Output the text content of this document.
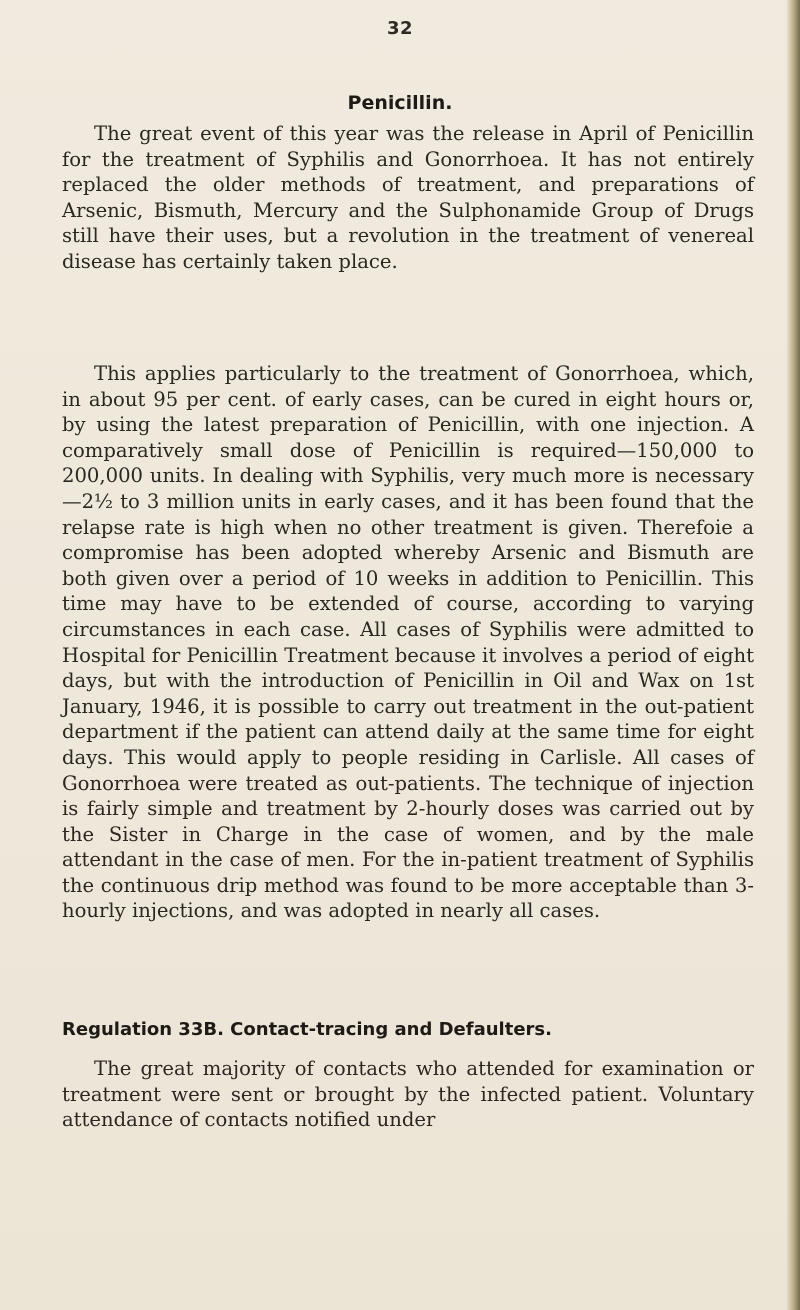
32
Penicillin.

The great event of this year was the release in April of Penicillin for the treatment of Syphilis and Gonorrhoea. It has not entirely replaced the older methods of treatment, and preparations of Arsenic, Bismuth, Mercury and the Sulphonamide Group of Drugs still have their uses, but a revolution in the treatment of venereal disease has certainly taken place.

This applies particularly to the treatment of Gonorrhoea, which, in about 95 per cent. of early cases, can be cured in eight hours or, by using the latest preparation of Penicillin, with one injection. A comparatively small dose of Penicillin is required—150,000 to 200,000 units. In dealing with Syphilis, very much more is necessary—2½ to 3 million units in early cases, and it has been found that the relapse rate is high when no other treatment is given. Therefoie a compromise has been adopted whereby Arsenic and Bismuth are both given over a period of 10 weeks in addition to Penicillin. This time may have to be extended of course, according to varying circumstances in each case. All cases of Syphilis were admitted to Hospital for Penicillin Treatment because it involves a period of eight days, but with the introduction of Penicillin in Oil and Wax on 1st January, 1946, it is possible to carry out treatment in the out-patient department if the patient can attend daily at the same time for eight days. This would apply to people residing in Carlisle. All cases of Gonorrhoea were treated as out-patients. The technique of injection is fairly simple and treatment by 2-hourly doses was carried out by the Sister in Charge in the case of women, and by the male attendant in the case of men. For the in-patient treatment of Syphilis the continuous drip method was found to be more acceptable than 3-hourly injections, and was adopted in nearly all cases.

Regulation 33B. Contact-tracing and Defaulters.

The great majority of contacts who attended for examination or treatment were sent or brought by the infected patient. Voluntary attendance of contacts notified under
